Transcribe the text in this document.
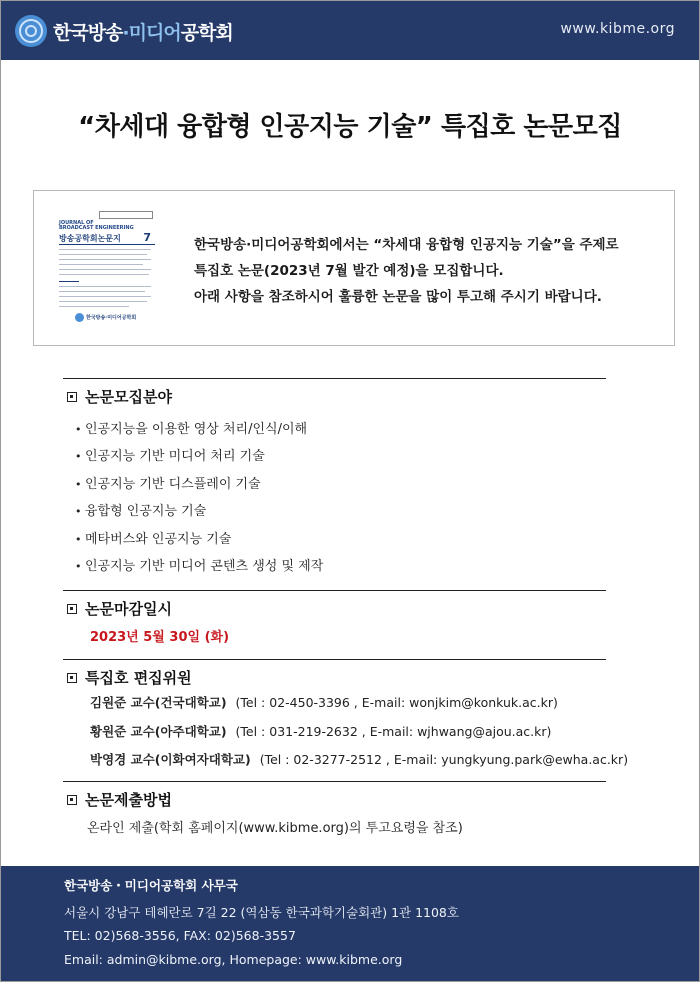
한국방송·미디어공학회	www.kibme.org
“차세대 융합형 인공지능 기술” 특집호 논문모집
JOURNAL OF
BROADCAST ENGINEERING
방송공학회논문지 7
한국방송·미디어공학회
한국방송·미디어공학회에서는 “차세대 융합형 인공지능 기술”을 주제로
특집호 논문(2023년 7월 발간 예정)을 모집합니다.
아래 사항을 참조하시어 훌륭한 논문을 많이 투고해 주시기 바랍니다.
논문모집분야
• 인공지능을 이용한 영상 처리/인식/이해
• 인공지능 기반 미디어 처리 기술
• 인공지능 기반 디스플레이 기술
• 융합형 인공지능 기술
• 메타버스와 인공지능 기술
• 인공지능 기반 미디어 콘텐츠 생성 및 제작
논문마감일시
2023년 5월 30일 (화)
특집호 편집위원
김원준 교수(건국대학교) (Tel : 02-450-3396 , E-mail: wonjkim@konkuk.ac.kr)
황원준 교수(아주대학교) (Tel : 031-219-2632 , E-mail: wjhwang@ajou.ac.kr)
박영경 교수(이화여자대학교) (Tel : 02-3277-2512 , E-mail: yungkyung.park@ewha.ac.kr)
논문제출방법
온라인 제출(학회 홈페이지(www.kibme.org)의 투고요령을 참조)
한국방송・미디어공학회 사무국
서울시 강남구 테헤란로 7길 22 (역삼동 한국과학기술회관) 1관 1108호
TEL: 02)568-3556, FAX: 02)568-3557
Email: admin@kibme.org, Homepage: www.kibme.org
